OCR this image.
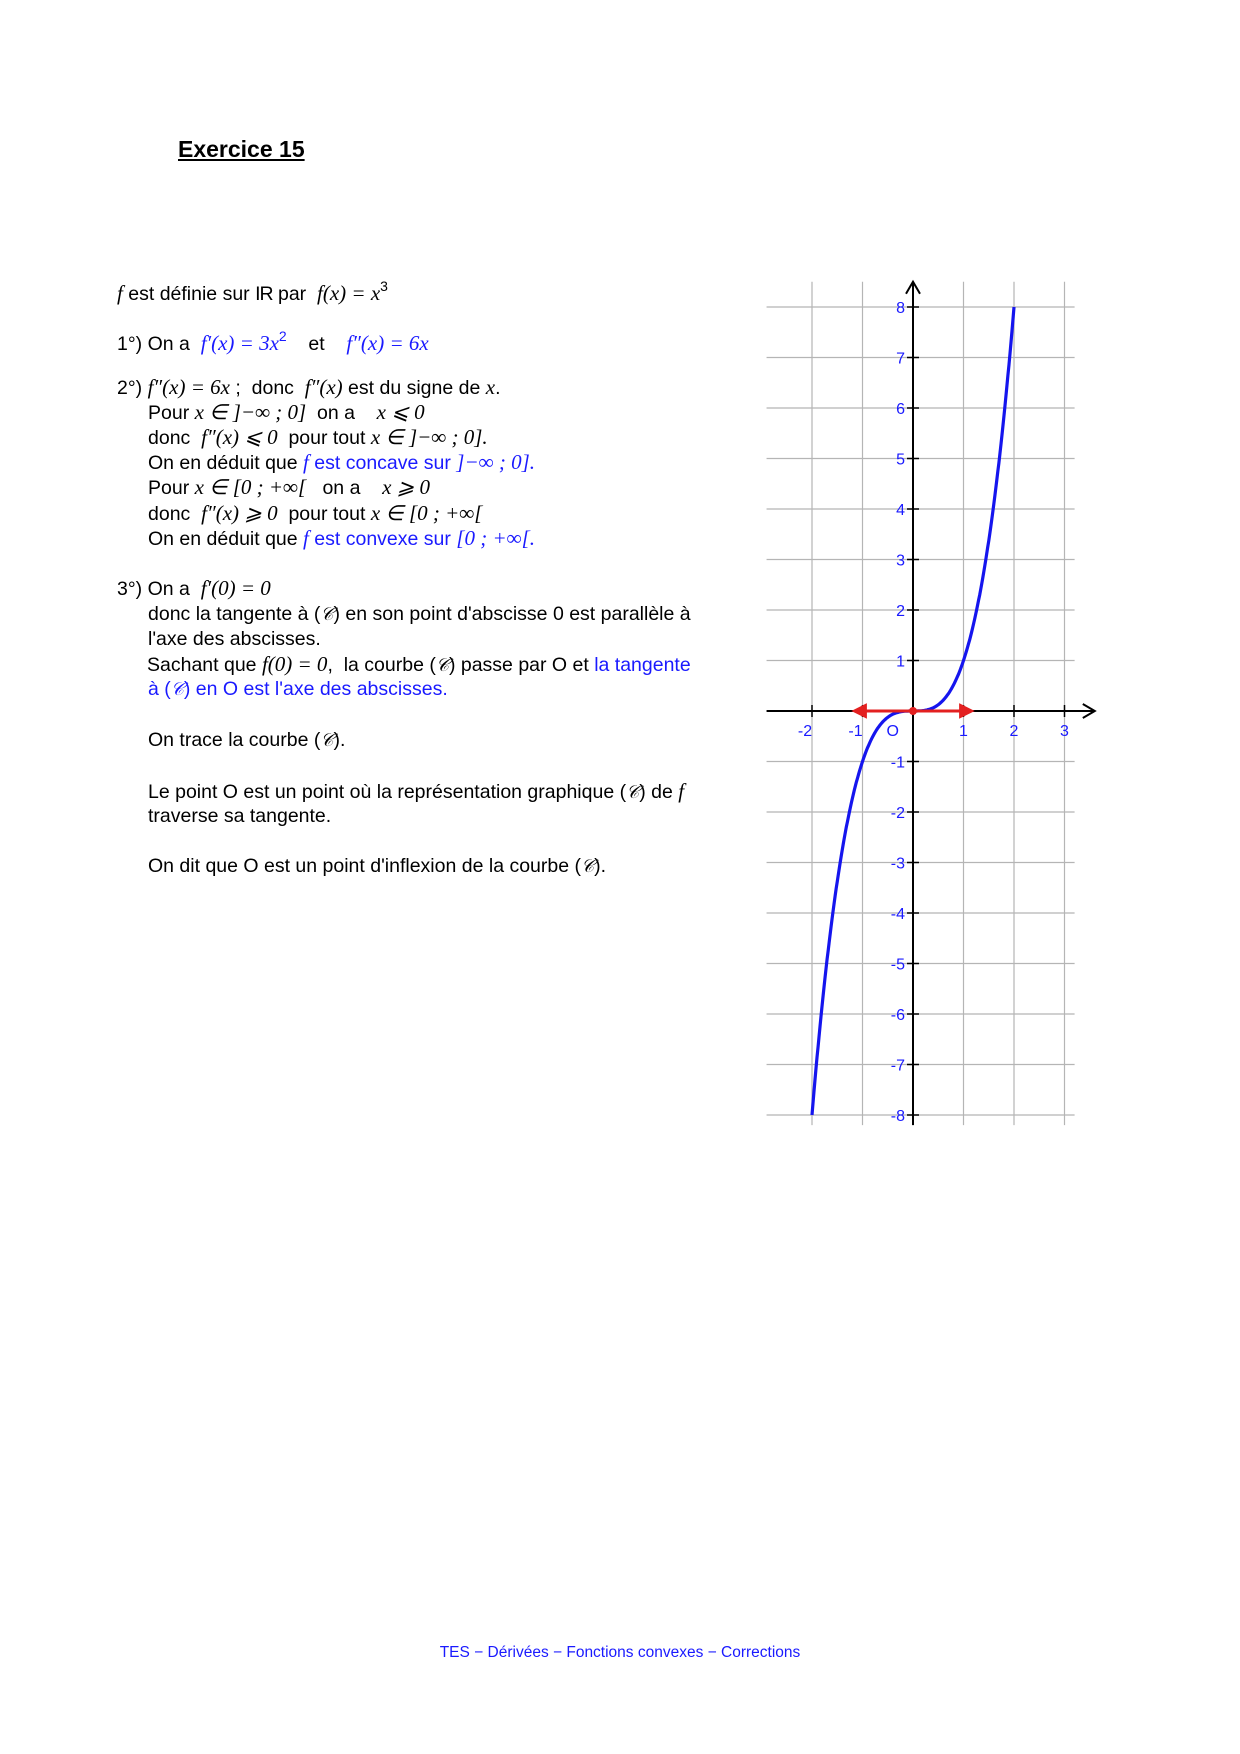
Exercice 15
f est définie sur IR par  $f(x) = x^3$
1°) On a  $f'(x) = 3x^2$    et    f″(x) = 6x
2°) f″(x) = 6x ;  donc  f″(x) est du signe de x.
Pour x ∈ ]−∞ ; 0]  on a    x ⩽ 0
donc  f″(x) ⩽ 0  pour tout x ∈ ]−∞ ; 0].
On en déduit que f est concave sur ]−∞ ; 0].
Pour x ∈ [0 ; +∞[   on a    x ⩾ 0
donc  f″(x) ⩾ 0  pour tout x ∈ [0 ; +∞[
On en déduit que f est convexe sur [0 ; +∞[.
3°) On a  f′(0) = 0
donc la tangente à (𝒞) en son point d'abscisse 0 est parallèle à
l'axe des abscisses.
Sachant que f(0) = 0,  la courbe (𝒞) passe par O et la tangente
à (𝒞) en O est l'axe des abscisses.
On trace la courbe (𝒞).
Le point O est un point où la représentation graphique (𝒞) de f
traverse sa tangente.
On dit que O est un point d'inflexion de la courbe (𝒞).
-2 -1	1	2	3
-8
-7
-6
-5
-4
-3
-2
-1
1
2
3
4
5
6
7
8
O
TES − Dérivées − Fonctions convexes − Corrections
